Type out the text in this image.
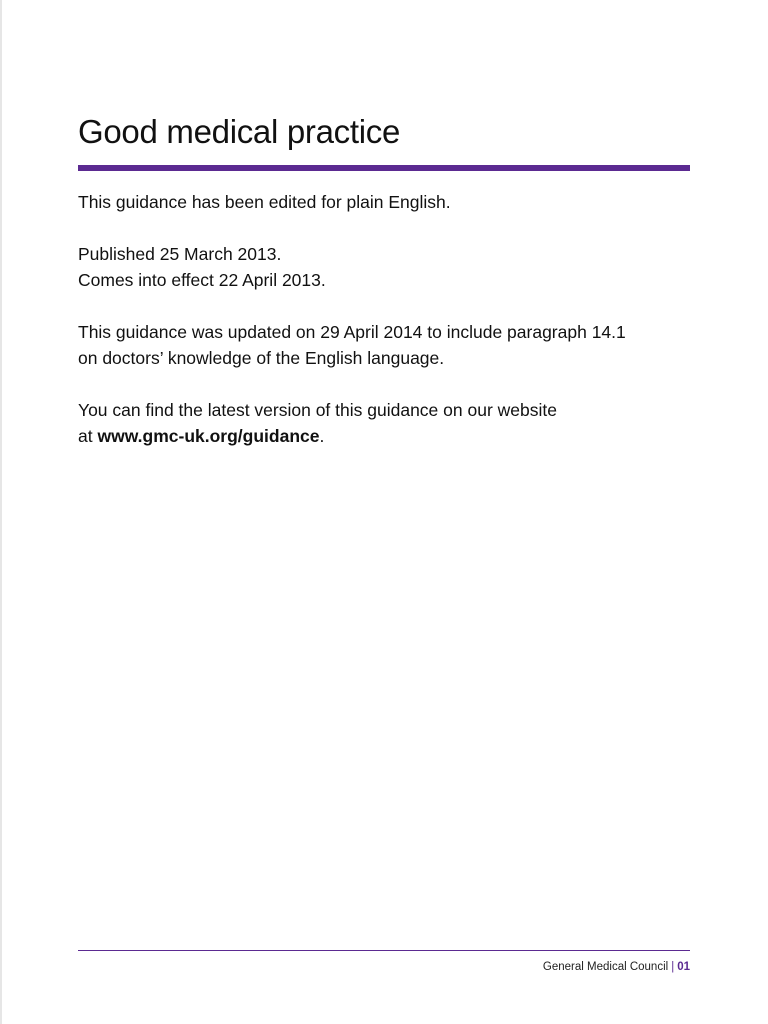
Good medical practice

This guidance has been edited for plain English.

Published 25 March 2013.
Comes into effect 22 April 2013.

This guidance was updated on 29 April 2014 to include paragraph 14.1
on doctors’ knowledge of the English language.

You can find the latest version of this guidance on our website
at www.gmc-uk.org/guidance.

General Medical Council | 01
